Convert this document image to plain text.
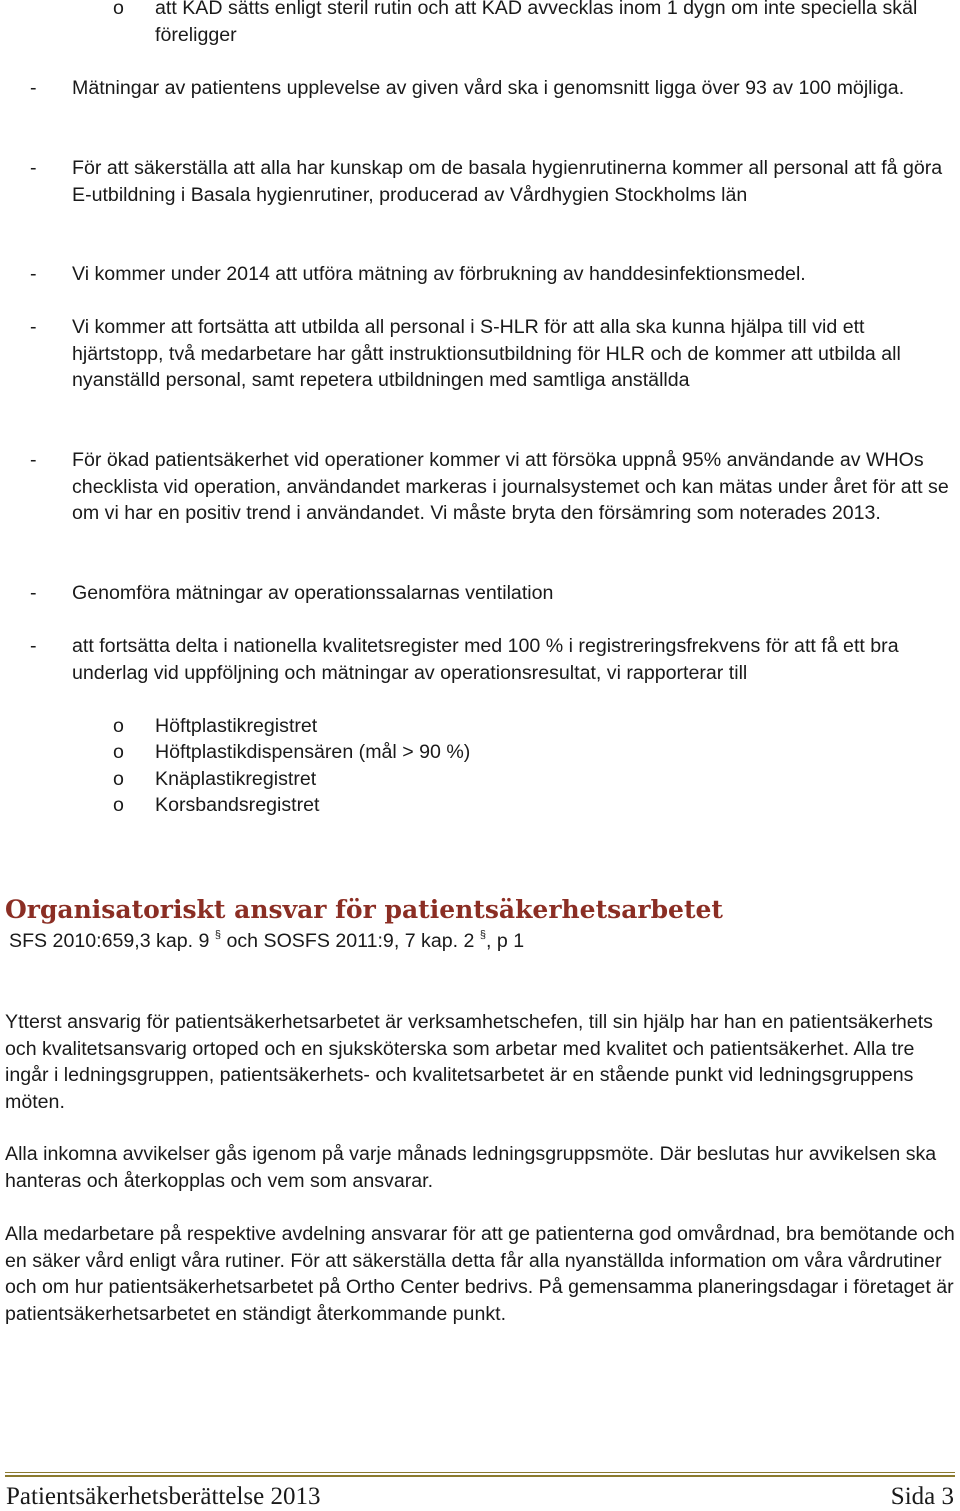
o att KAD sätts enligt steril rutin och att KAD avvecklas inom 1 dygn om inte speciella skäl föreligger
- Mätningar av patientens upplevelse av given vård ska i genomsnitt ligga över 93 av 100 möjliga.
- För att säkerställa att alla har kunskap om de basala hygienrutinerna kommer all personal att få göra E-utbildning i Basala hygienrutiner, producerad av Vårdhygien Stockholms län
- Vi kommer under 2014 att utföra mätning av förbrukning av handdesinfektionsmedel.
- Vi kommer att fortsätta att utbilda all personal i S-HLR för att alla ska kunna hjälpa till vid ett hjärtstopp, två medarbetare har gått instruktionsutbildning för HLR och de kommer att utbilda all nyanställd personal, samt repetera utbildningen med samtliga anställda
- För ökad patientsäkerhet vid operationer kommer vi att försöka uppnå 95% användande av WHOs checklista vid operation, användandet markeras i journalsystemet och kan mätas under året för att se om vi har en positiv trend i användandet. Vi måste bryta den försämring som noterades 2013.
- Genomföra mätningar av operationssalarnas ventilation
- att fortsätta delta i nationella kvalitetsregister med 100 % i registreringsfrekvens för att få ett bra underlag vid uppföljning och mätningar av operationsresultat, vi rapporterar till
o Höftplastikregistret
o Höftplastikdispensären (mål > 90 %)
o Knäplastikregistret
o Korsbandsregistret
Organisatoriskt ansvar för patientsäkerhetsarbetet
SFS 2010:659,3 kap. 9 § och SOSFS 2011:9, 7 kap. 2 §, p 1
Ytterst ansvarig för patientsäkerhetsarbetet är verksamhetschefen, till sin hjälp har han en patientsäkerhets och kvalitetsansvarig ortoped och en sjuksköterska som arbetar med kvalitet och patientsäkerhet. Alla tre ingår i ledningsgruppen, patientsäkerhets- och kvalitetsarbetet är en stående punkt vid ledningsgruppens möten.
Alla inkomna avvikelser gås igenom på varje månads ledningsgruppsmöte. Där beslutas hur avvikelsen ska hanteras och återkopplas och vem som ansvarar.
Alla medarbetare på respektive avdelning ansvarar för att ge patienterna god omvårdnad, bra bemötande och en säker vård enligt våra rutiner. För att säkerställa detta får alla nyanställda information om våra vårdrutiner och om hur patientsäkerhetsarbetet på Ortho Center bedrivs. På gemensamma planeringsdagar i företaget är patientsäkerhetsarbetet en ständigt återkommande punkt.
Patientsäkerhetsberättelse 2013	Sida 3
